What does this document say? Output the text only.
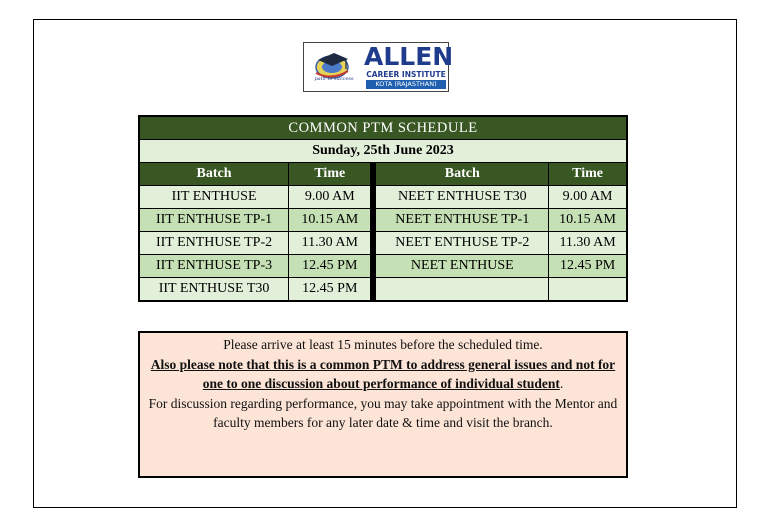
path to success
ALLEN
CAREER INSTITUTE
KOTA (RAJASTHAN)
COMMON PTM SCHEDULE				
Sunday, 25th June 2023				
Batch	Time		Batch	Time
IIT ENTHUSE	9.00 AM		NEET ENTHUSE T30	9.00 AM
IIT ENTHUSE TP-1	10.15 AM		NEET ENTHUSE TP-1	10.15 AM
IIT ENTHUSE TP-2	11.30 AM		NEET ENTHUSE TP-2	11.30 AM
IIT ENTHUSE TP-3	12.45 PM		NEET ENTHUSE	12.45 PM
IIT ENTHUSE T30	12.45 PM			
Please arrive at least 15 minutes before the scheduled time.
Also please note that this is a common PTM to address general issues and not for one to one discussion about performance of individual student.
For discussion regarding performance, you may take appointment with the Mentor and faculty members for any later date & time and visit the branch.
